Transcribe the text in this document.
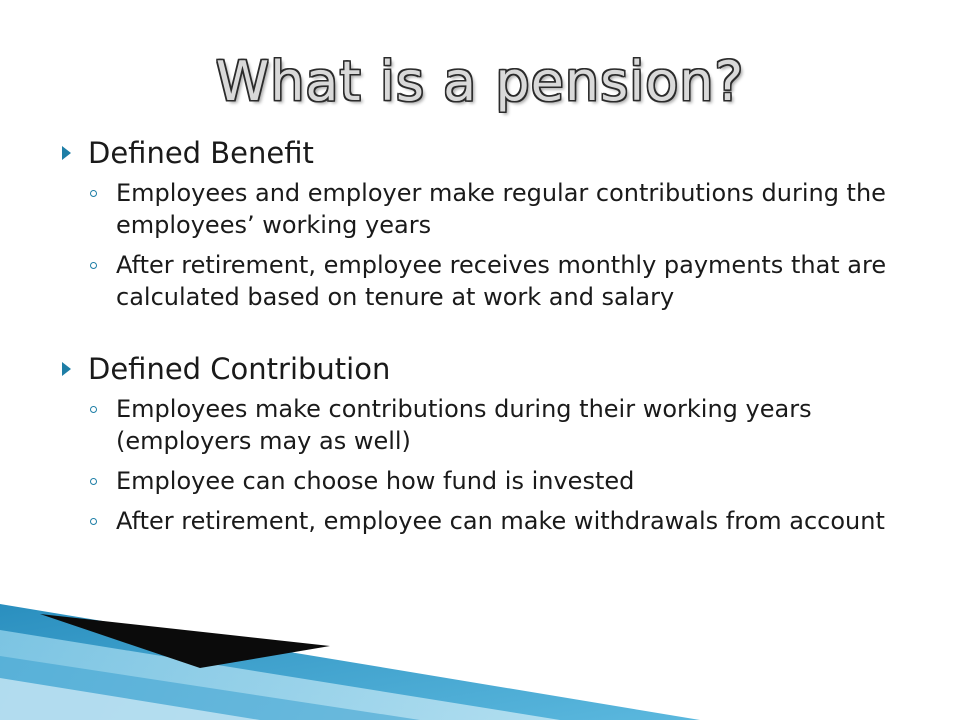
What is a pension?
Defined Benefit
Employees and employer make regular contributions during the employees’ working years
After retirement, employee receives monthly payments that are calculated based on tenure at work and salary
Defined Contribution
Employees make contributions during their working years (employers may as well)
Employee can choose how fund is invested
After retirement, employee can make withdrawals from account
